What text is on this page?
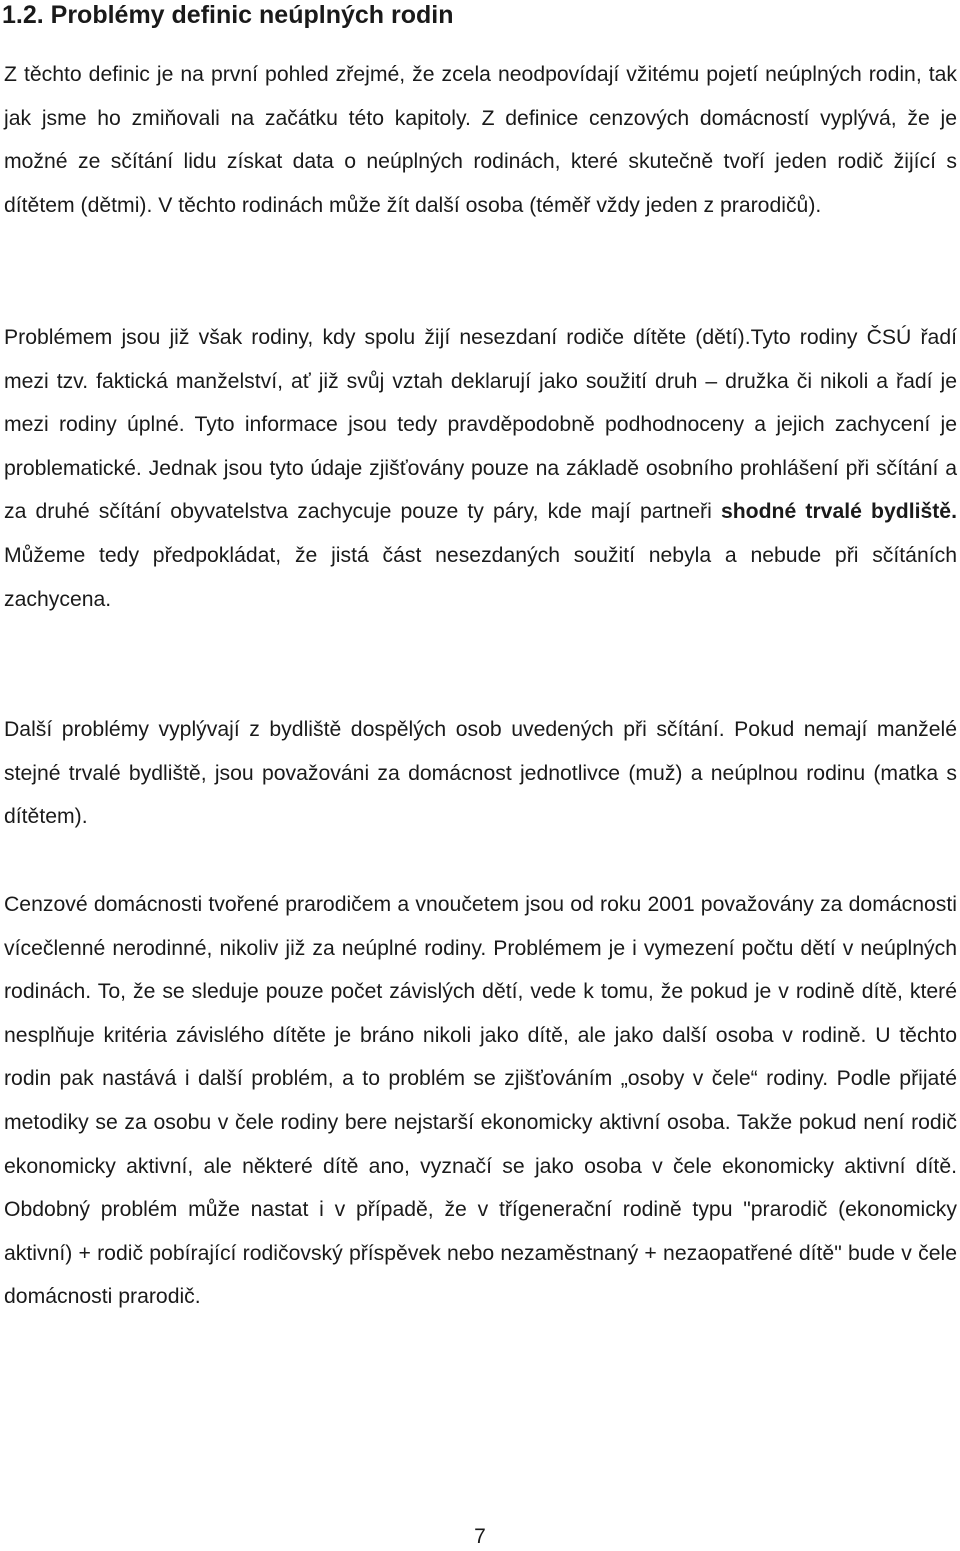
1.2. Problémy definic neúplných rodin

Z těchto definic je na první pohled zřejmé, že zcela neodpovídají vžitému pojetí neúplných rodin, tak jak jsme ho zmiňovali na začátku této kapitoly. Z definice cenzových domácností vyplývá, že je možné ze sčítání lidu získat data o neúplných rodinách, které skutečně tvoří jeden rodič žijící s dítětem (dětmi). V těchto rodinách může žít další osoba (téměř vždy jeden z prarodičů).

Problémem jsou již však rodiny, kdy spolu žijí nesezdaní rodiče dítěte (dětí).Tyto rodiny ČSÚ řadí mezi tzv. faktická manželství, ať již svůj vztah deklarují jako soužití druh – družka či nikoli a řadí je mezi rodiny úplné. Tyto informace jsou tedy pravděpodobně podhodnoceny a jejich zachycení je problematické. Jednak jsou tyto údaje zjišťovány pouze na základě osobního prohlášení při sčítání a za druhé sčítání obyvatelstva zachycuje pouze ty páry, kde mají partneři shodné trvalé bydliště. Můžeme tedy předpokládat, že jistá část nesezdaných soužití nebyla a nebude při sčítáních zachycena.

Další problémy vyplývají z bydliště dospělých osob uvedených při sčítání. Pokud nemají manželé stejné trvalé bydliště, jsou považováni za domácnost jednotlivce (muž) a neúplnou rodinu (matka s dítětem).

Cenzové domácnosti tvořené prarodičem a vnoučetem jsou od roku 2001 považovány za domácnosti vícečlenné nerodinné, nikoliv již za neúplné rodiny. Problémem je i vymezení počtu dětí v neúplných rodinách. To, že se sleduje pouze počet závislých dětí, vede k tomu, že pokud je v rodině dítě, které nesplňuje kritéria závislého dítěte je bráno nikoli jako dítě, ale jako další osoba v rodině. U těchto rodin pak nastává i další problém, a to problém se zjišťováním „osoby v čele“ rodiny. Podle přijaté metodiky se za osobu v čele rodiny bere nejstarší ekonomicky aktivní osoba. Takže pokud není rodič ekonomicky aktivní, ale některé dítě ano, vyznačí se jako osoba v čele ekonomicky aktivní dítě. Obdobný problém může nastat i v případě, že v třígenerační rodině typu "prarodič (ekonomicky aktivní) + rodič pobírající rodičovský příspěvek nebo nezaměstnaný + nezaopatřené dítě" bude v čele domácnosti prarodič.

7
